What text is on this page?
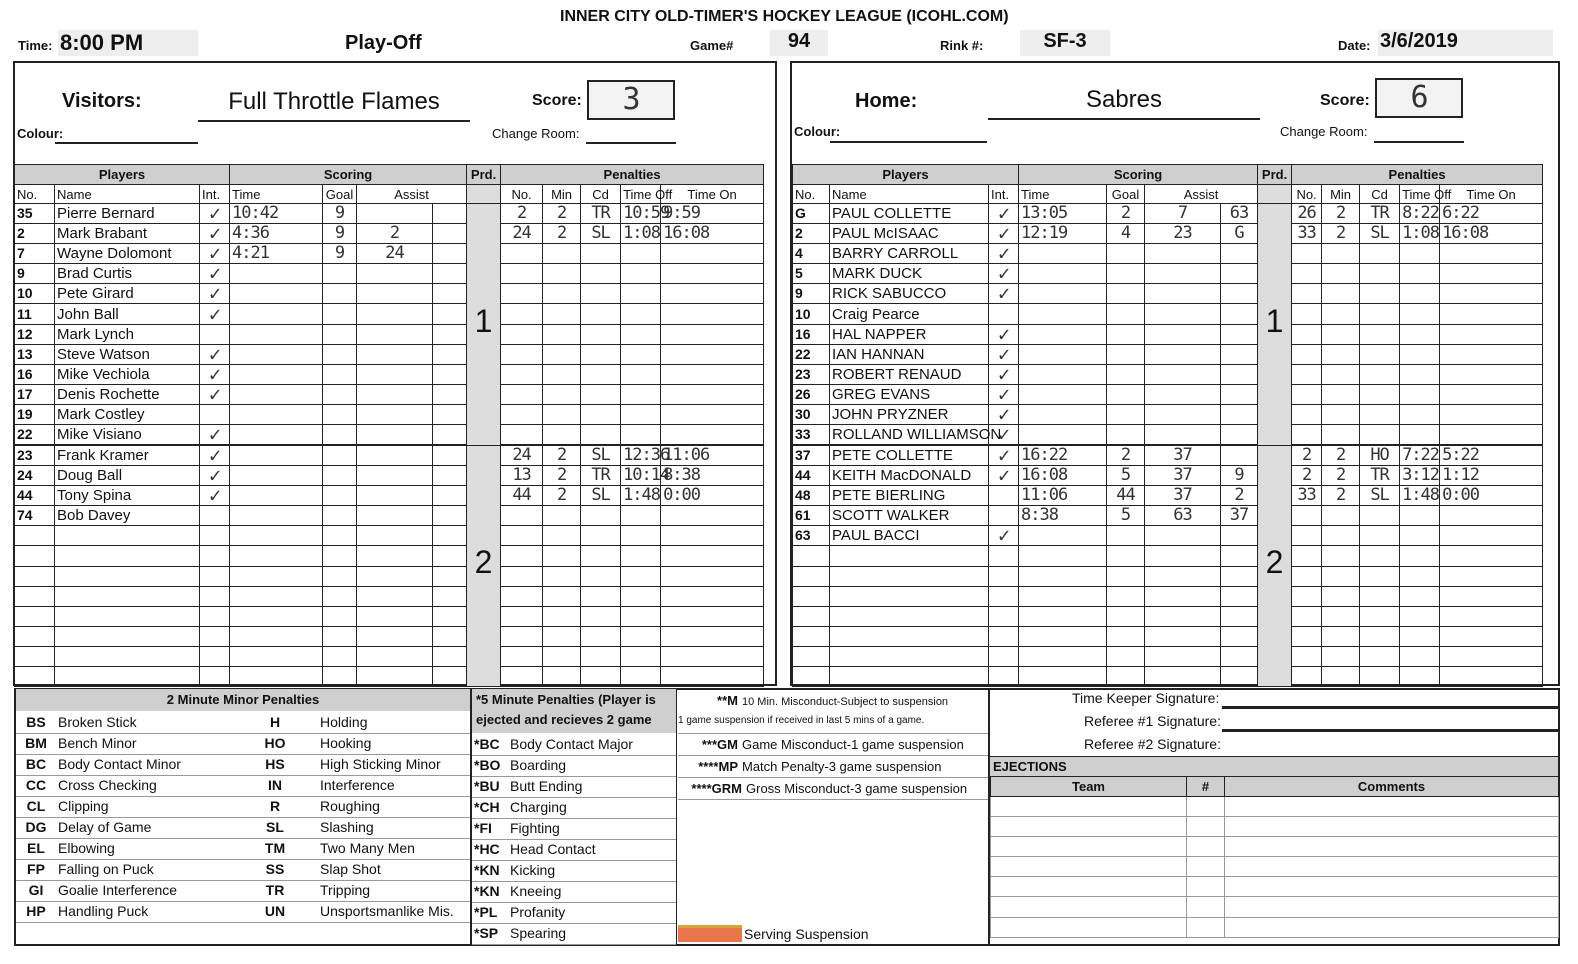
INNER CITY OLD-TIMER'S HOCKEY LEAGUE (ICOHL.COM)
Time: 8:00 PM	Play-Off	Game#	94	Rink #:	SF-3	Date: 3/6/2019
Visitors:	Full Throttle Flames	Score:	3
Colour:	Change Room:
Home:	Sabres	Score:	6
Colour:	Change Room:
Players			Scoring				Prd.	Penalties				
No.	Name	Int.	Time	Goal	Assist			No.	Min	Cd	Time Off	Time On
35	Pierre Bernard	✓	10:42	9			1	2	2	TR	10:59	9:59
2	Mark Brabant	✓	4:36	9	2			24	2	SL	1:08	16:08
7	Wayne Dolomont	✓	4:21	9	24							
9	Brad Curtis	✓										
10	Pete Girard	✓										
11	John Ball	✓										
12	Mark Lynch											
13	Steve Watson	✓										
16	Mike Vechiola	✓										
17	Denis Rochette	✓										
19	Mark Costley											
22	Mike Visiano	✓										
23	Frank Kramer	✓					2	24	2	SL	12:36	11:06
24	Doug Ball	✓						13	2	TR	10:14	8:38
44	Tony Spina	✓						44	2	SL	1:48	0:00
74	Bob Davey											

Players			Scoring				Prd.	Penalties				
No.	Name	Int.	Time	Goal	Assist			No.	Min	Cd	Time Off	Time On
G	PAUL COLLETTE	✓	13:05	2	7	63	1	26	2	TR	8:22	6:22
2	PAUL McISAAC	✓	12:19	4	23	G		33	2	SL	1:08	16:08
4	BARRY CARROLL	✓										
5	MARK DUCK	✓										
9	RICK SABUCCO	✓										
10	Craig Pearce											
16	HAL NAPPER	✓										
22	IAN HANNAN	✓										
23	ROBERT RENAUD	✓										
26	GREG EVANS	✓										
30	JOHN PRYZNER	✓										
33	ROLLAND WILLIAMSON	✓										
37	PETE COLLETTE	✓	16:22	2	37		2	2	2	HO	7:22	5:22
44	KEITH MacDONALD	✓	16:08	5	37	9		2	2	TR	3:12	1:12
48	PETE BIERLING		11:06	44	37	2		33	2	SL	1:48	0:00
61	SCOTT WALKER		8:38	5	63	37						
63	PAUL BACCI	✓										

2 Minute Minor Penalties
BS	Broken Stick	H	Holding
BM	Bench Minor	HO	Hooking
BC	Body Contact Minor	HS	High Sticking Minor
CC	Cross Checking	IN	Interference
CL	Clipping	R	Roughing
DG	Delay of Game	SL	Slashing
EL	Elbowing	TM	Two Many Men
FP	Falling on Puck	SS	Slap Shot
GI	Goalie Interference	TR	Tripping
HP	Handling Puck	UN	Unsportsmanlike Mis.
*5 Minute Penalties (Player is ejected and recieves 2 game
*BC	Body Contact Major
*BO	Boarding
*BU	Butt Ending
*CH	Charging
*FI	Fighting
*HC	Head Contact
*KN	Kicking
*KN	Kneeing
*PL	Profanity
*SP	Spearing
**M 10 Min. Misconduct-Subject to suspension
1 game suspension if received in last 5 mins of a game.
***GM Game Misconduct-1 game suspension
****MP Match Penalty-3 game suspension
****GRM Gross Misconduct-3 game suspension
Serving Suspension
Time Keeper Signature:
Referee #1 Signature:
Referee #2 Signature:
EJECTIONS
Team	#	Comments
